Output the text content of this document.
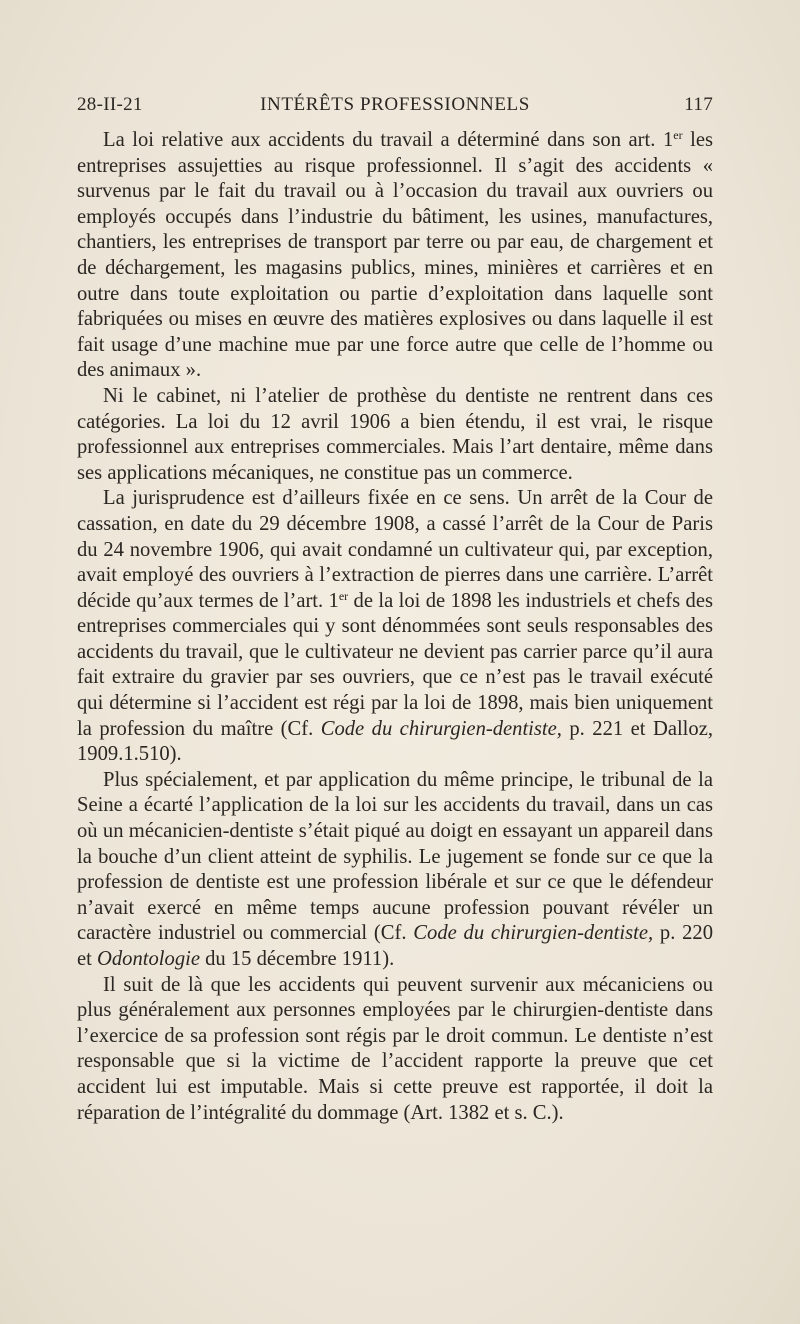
28-II-21	INTÉRÊTS PROFESSIONNELS	117

La loi relative aux accidents du travail a déterminé dans son art. 1er les entreprises assujetties au risque professionnel. Il s’agit des accidents « survenus par le fait du travail ou à l’occasion du travail aux ouvriers ou employés occupés dans l’industrie du bâtiment, les usines, manufactures, chantiers, les entreprises de transport par terre ou par eau, de chargement et de déchargement, les magasins publics, mines, minières et carrières et en outre dans toute exploitation ou partie d’exploitation dans laquelle sont fabriquées ou mises en œuvre des matières explosives ou dans laquelle il est fait usage d’une machine mue par une force autre que celle de l’homme ou des animaux ».

Ni le cabinet, ni l’atelier de prothèse du dentiste ne rentrent dans ces catégories. La loi du 12 avril 1906 a bien étendu, il est vrai, le risque professionnel aux entreprises commerciales. Mais l’art dentaire, même dans ses applications mécaniques, ne constitue pas un commerce.

La jurisprudence est d’ailleurs fixée en ce sens. Un arrêt de la Cour de cassation, en date du 29 décembre 1908, a cassé l’arrêt de la Cour de Paris du 24 novembre 1906, qui avait condamné un cultivateur qui, par exception, avait employé des ouvriers à l’extraction de pierres dans une carrière. L’arrêt décide qu’aux termes de l’art. 1er de la loi de 1898 les industriels et chefs des entreprises commerciales qui y sont dénommées sont seuls responsables des accidents du travail, que le cultivateur ne devient pas carrier parce qu’il aura fait extraire du gravier par ses ouvriers, que ce n’est pas le travail exécuté qui détermine si l’accident est régi par la loi de 1898, mais bien uniquement la profession du maître (Cf. Code du chirurgien-dentiste, p. 221 et Dalloz, 1909.1.510).

Plus spécialement, et par application du même principe, le tribunal de la Seine a écarté l’application de la loi sur les accidents du travail, dans un cas où un mécanicien-dentiste s’était piqué au doigt en essayant un appareil dans la bouche d’un client atteint de syphilis. Le jugement se fonde sur ce que la profession de dentiste est une profession libérale et sur ce que le défendeur n’avait exercé en même temps aucune profession pouvant révéler un caractère industriel ou commercial (Cf. Code du chirurgien-dentiste, p. 220 et Odontologie du 15 décembre 1911).

Il suit de là que les accidents qui peuvent survenir aux mécaniciens ou plus généralement aux personnes employées par le chirurgien-dentiste dans l’exercice de sa profession sont régis par le droit commun. Le dentiste n’est responsable que si la victime de l’accident rapporte la preuve que cet accident lui est imputable. Mais si cette preuve est rapportée, il doit la réparation de l’intégralité du dommage (Art. 1382 et s. C.).
